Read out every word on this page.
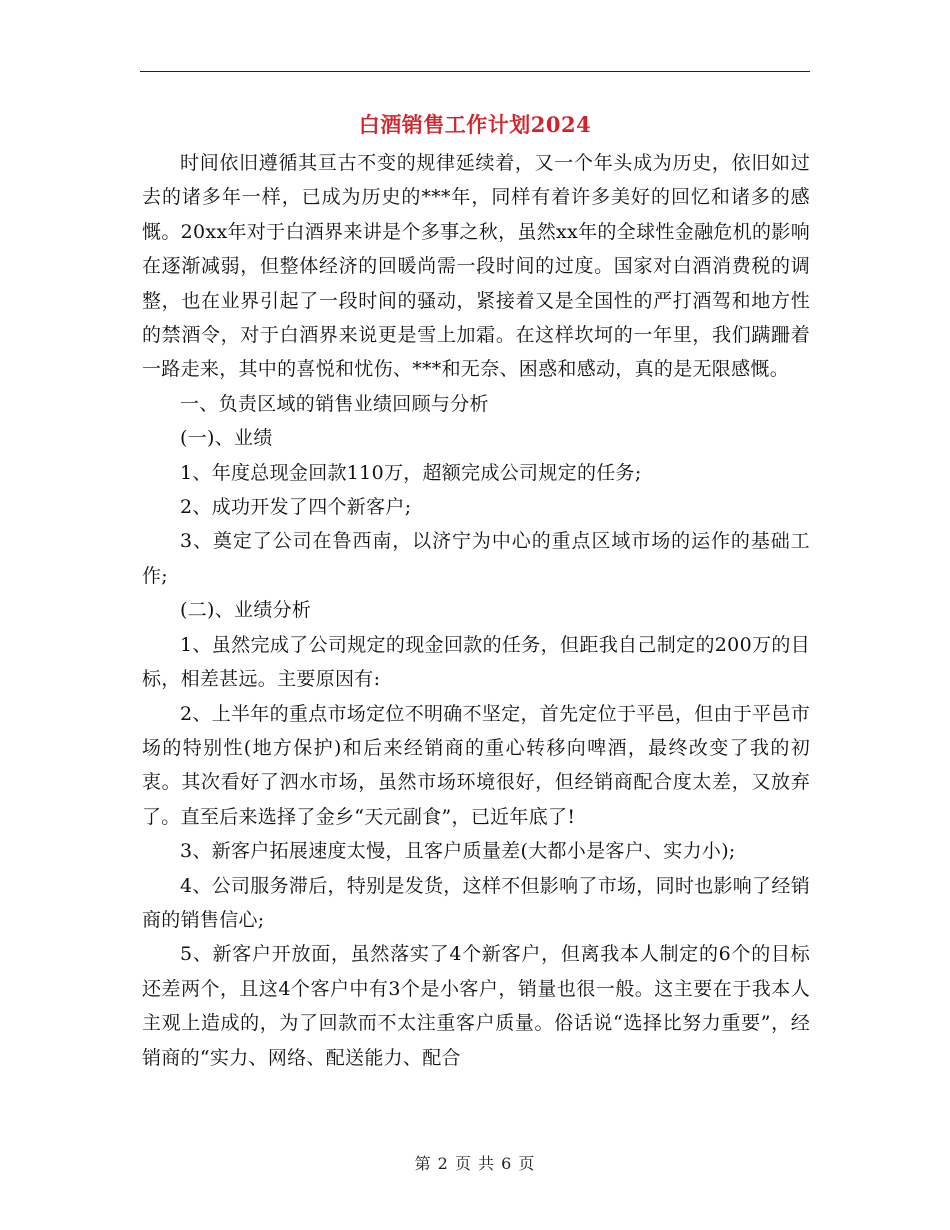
白酒销售工作计划2024

时间依旧遵循其亘古不变的规律延续着，又一个年头成为历史，依旧如过去的诸多年一样，已成为历史的***年，同样有着许多美好的回忆和诸多的感慨。20xx年对于白酒界来讲是个多事之秋，虽然xx年的全球性金融危机的影响在逐渐减弱，但整体经济的回暖尚需一段时间的过度。国家对白酒消费税的调整，也在业界引起了一段时间的骚动，紧接着又是全国性的严打酒驾和地方性的禁酒令，对于白酒界来说更是雪上加霜。在这样坎坷的一年里，我们蹒跚着一路走来，其中的喜悦和忧伤、***和无奈、困惑和感动，真的是无限感慨。

一、负责区域的销售业绩回顾与分析

(一)、业绩

1、年度总现金回款110万，超额完成公司规定的任务;

2、成功开发了四个新客户;

3、奠定了公司在鲁西南，以济宁为中心的重点区域市场的运作的基础工作;

(二)、业绩分析

1、虽然完成了公司规定的现金回款的任务，但距我自己制定的200万的目标，相差甚远。主要原因有:

2、上半年的重点市场定位不明确不坚定，首先定位于平邑，但由于平邑市场的特别性(地方保护)和后来经销商的重心转移向啤酒，最终改变了我的初衷。其次看好了泗水市场，虽然市场环境很好，但经销商配合度太差，又放弃了。直至后来选择了金乡“天元副食”，已近年底了!

3、新客户拓展速度太慢，且客户质量差(大都小是客户、实力小);

4、公司服务滞后，特别是发货，这样不但影响了市场，同时也影响了经销商的销售信心;

5、新客户开放面，虽然落实了4个新客户，但离我本人制定的6个的目标还差两个，且这4个客户中有3个是小客户，销量也很一般。这主要在于我本人主观上造成的，为了回款而不太注重客户质量。俗话说“选择比努力重要”，经销商的“实力、网络、配送能力、配合

第 2 页 共 6 页
